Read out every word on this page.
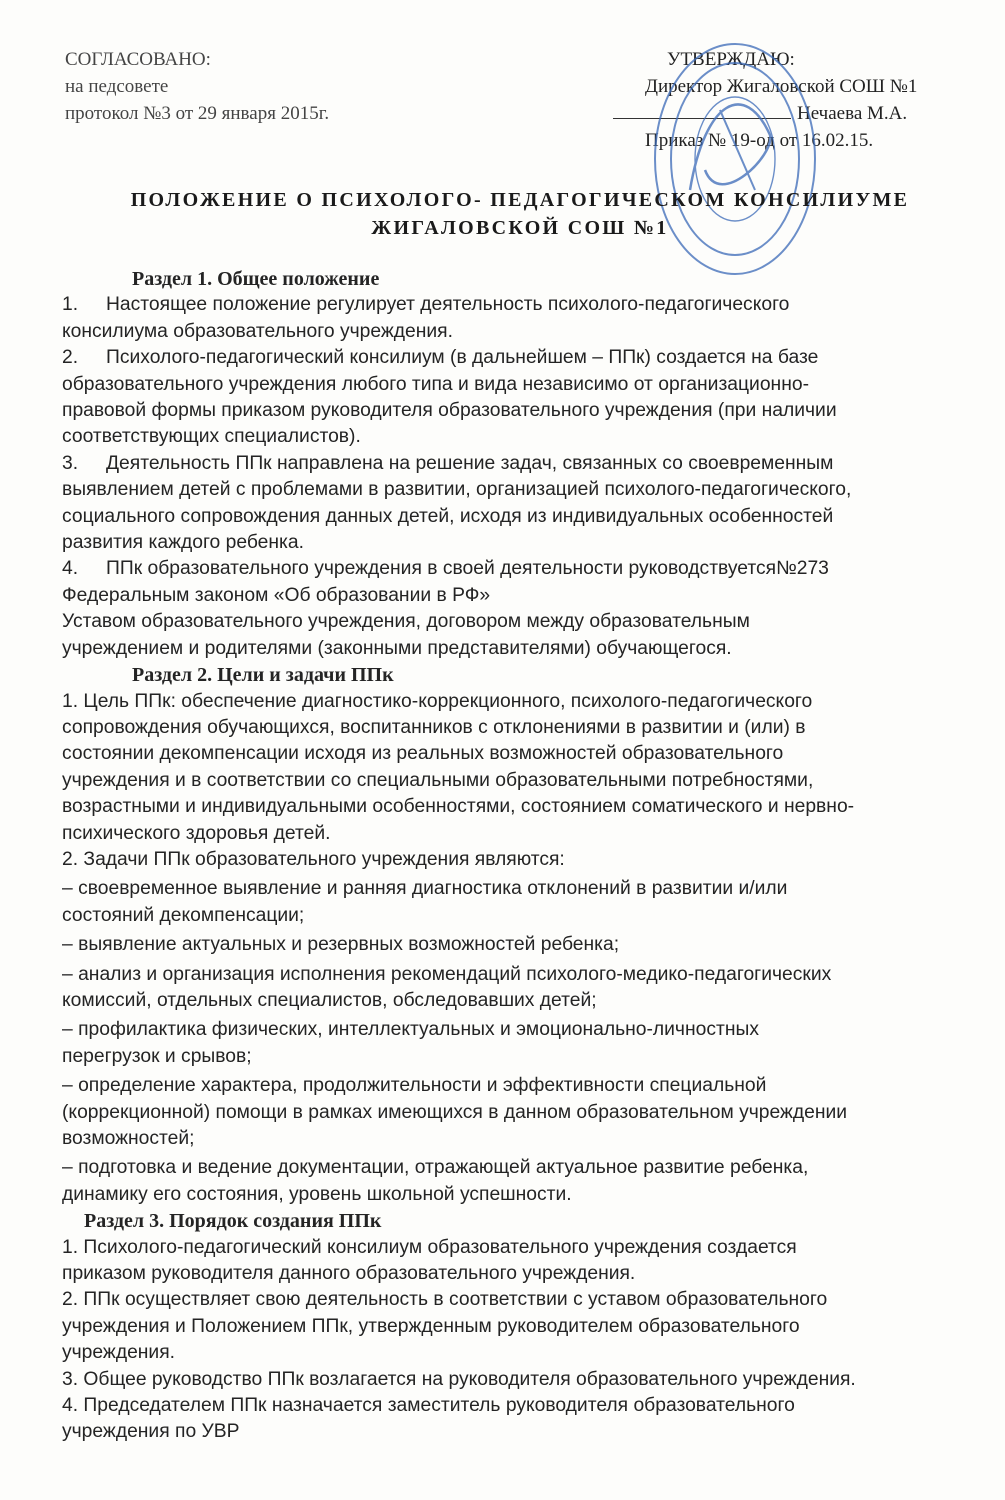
СОГЛАСОВАНО:
на педсовете
протокол №3 от 29 января 2015г.
УТВЕРЖДАЮ:
Директор Жигаловской СОШ №1
Нечаева М.А.
Приказ № 19-од от 16.02.15.
ПОЛОЖЕНИЕ О ПСИХОЛОГО- ПЕДАГОГИЧЕСКОМ КОНСИЛИУМЕ
ЖИГАЛОВСКОЙ СОШ №1

Раздел 1. Общее положение

1. Настоящее положение регулирует деятельность психолого-педагогического

консилиума образовательного учреждения.

2. Психолого-педагогический консилиум (в дальнейшем – ППк) создается на базе

образовательного учреждения любого типа и вида независимо от организационно-

правовой формы приказом руководителя образовательного учреждения (при наличии

соответствующих специалистов).

3. Деятельность ППк направлена на решение задач, связанных со своевременным

выявлением детей с проблемами в развитии, организацией психолого-педагогического,

социального сопровождения данных детей, исходя из индивидуальных особенностей

развития каждого ребенка.

4. ППк образовательного учреждения в своей деятельности руководствуется№273

Федеральным законом «Об образовании в РФ»

Уставом образовательного учреждения, договором между образовательным

учреждением и родителями (законными представителями) обучающегося.

Раздел 2. Цели и задачи ППк

1. Цель ППк: обеспечение диагностико-коррекционного, психолого-педагогического

сопровождения обучающихся, воспитанников с отклонениями в развитии и (или) в

состоянии декомпенсации исходя из реальных возможностей образовательного

учреждения и в соответствии со специальными образовательными потребностями,

возрастными и индивидуальными особенностями, состоянием соматического и нервно-

психического здоровья детей.

2. Задачи ППк образовательного учреждения являются:

– своевременное выявление и ранняя диагностика отклонений в развитии и/или

состояний декомпенсации;

– выявление актуальных и резервных возможностей ребенка;

– анализ и организация исполнения рекомендаций психолого-медико-педагогических

комиссий, отдельных специалистов, обследовавших детей;

– профилактика физических, интеллектуальных и эмоционально-личностных

перегрузок и срывов;

– определение характера, продолжительности и эффективности специальной

(коррекционной) помощи в рамках имеющихся в данном образовательном учреждении

возможностей;

– подготовка и ведение документации, отражающей актуальное развитие ребенка,

динамику его состояния, уровень школьной успешности.

Раздел 3. Порядок создания ППк

1. Психолого-педагогический консилиум образовательного учреждения создается

приказом руководителя данного образовательного учреждения.

2. ППк осуществляет свою деятельность в соответствии с уставом образовательного

учреждения и Положением ППк, утвержденным руководителем образовательного

учреждения.

3. Общее руководство ППк возлагается на руководителя образовательного учреждения.

4. Председателем ППк назначается заместитель руководителя образовательного

учреждения по УВР
